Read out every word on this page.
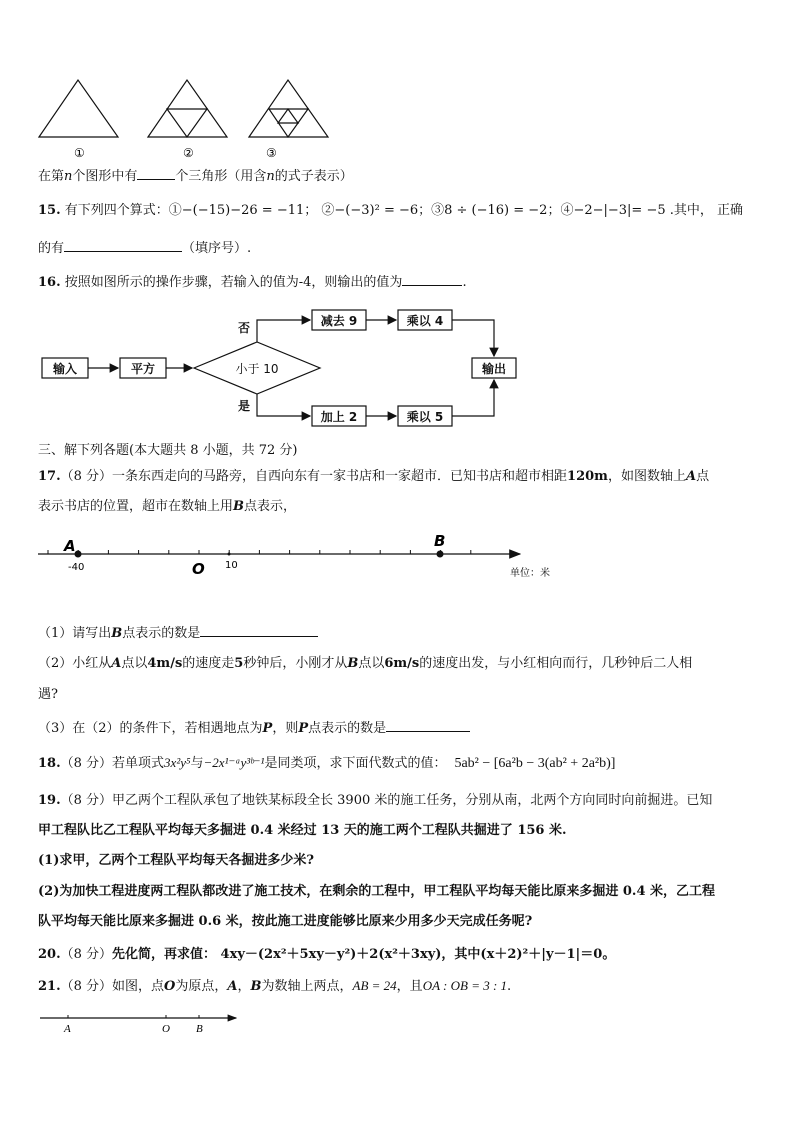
①	②	③
在第n个图形中有	个三角形（用含n的式子表示）
15. 有下列四个算式：①−(−15)−26 = −11； ②−(−3)² = −6；③8 ÷ (−16) = −2；④−2−|−3|= −5 .其中， 正确
的有	（填序号）.
16. 按照如图所示的操作步骤，若输入的值为-4，则输出的值为	.
输入	平方	小于 10
减去 9	乘以 4
加上 2	乘以 5
输出
否
是
三、解下列各题(本大题共 8 小题，共 72 分)
17.（8 分）一条东西走向的马路旁，自西向东有一家书店和一家超市．已知书店和超市相距120m，如图数轴上A点
表示书店的位置，超市在数轴上用B点表示，
A
-40	O 10
B
单位：米
（1）请写出B点表示的数是
（2）小红从A点以4m/s的速度走5秒钟后，小刚才从B点以6m/s的速度出发，与小红相向而行，几秒钟后二人相
遇?
（3）在（2）的条件下，若相遇地点为P，则P点表示的数是
18.（8 分）若单项式3x²y⁵与−2x¹⁻ᵃy³ᵇ⁻¹是同类项，求下面代数式的值： 5ab² − [6a²b − 3(ab² + 2a²b)]
19.（8 分）甲乙两个工程队承包了地铁某标段全长 3900 米的施工任务，分别从南，北两个方向同时向前掘进。已知
甲工程队比乙工程队平均每天多掘进 0.4 米经过 13 天的施工两个工程队共掘进了 156 米.
(1)求甲，乙两个工程队平均每天各掘进多少米?
(2)为加快工程进度两工程队都改进了施工技术，在剩余的工程中，甲工程队平均每天能比原来多掘进 0.4 米，乙工程
队平均每天能比原来多掘进 0.6 米，按此施工进度能够比原来少用多少天完成任务呢?
20.（8 分）先化简，再求值： 4xy－(2x²＋5xy－y²)＋2(x²＋3xy)，其中(x＋2)²＋|y－1|＝0。
21.（8 分）如图，点O为原点，A，B为数轴上两点，AB = 24，且OA : OB = 3 : 1.
A	O B
